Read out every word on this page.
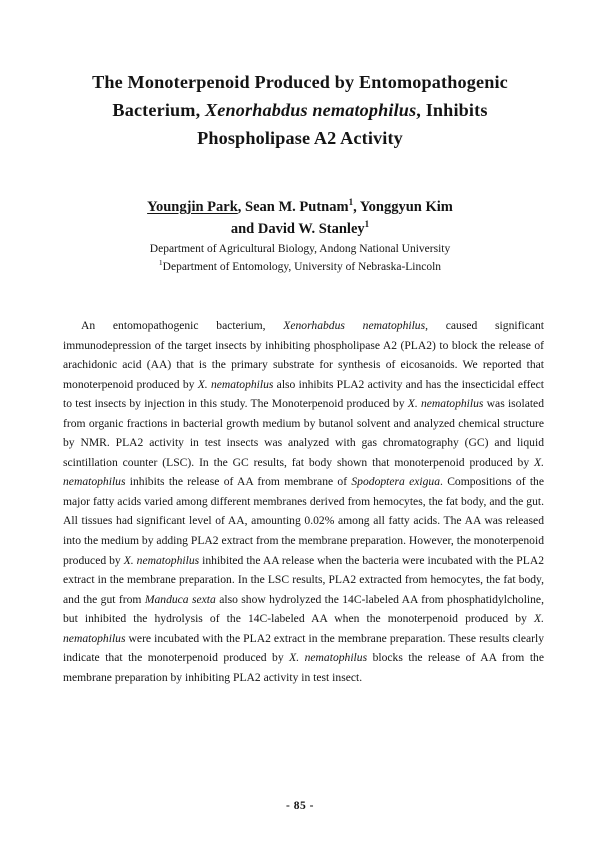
The Monoterpenoid Produced by Entomopathogenic Bacterium, Xenorhabdus nematophilus, Inhibits Phospholipase A2 Activity
Youngjin Park, Sean M. Putnam$^1$, Yonggyun Kim
and David W. Stanley$^1$
Department of Agricultural Biology, Andong National University
$^1$Department of Entomology, University of Nebraska-Lincoln

An entomopathogenic bacterium, Xenorhabdus nematophilus, caused significant immunodepression of the target insects by inhibiting phospholipase A2 (PLA2) to block the release of arachidonic acid (AA) that is the primary substrate for synthesis of eicosanoids. We reported that monoterpenoid produced by X. nematophilus also inhibits PLA2 activity and has the insecticidal effect to test insects by injection in this study. The Monoterpenoid produced by X. nematophilus was isolated from organic fractions in bacterial growth medium by butanol solvent and analyzed chemical structure by NMR. PLA2 activity in test insects was analyzed with gas chromatography (GC) and liquid scintillation counter (LSC). In the GC results, fat body shown that monoterpenoid produced by X. nematophilus inhibits the release of AA from membrane of Spodoptera exigua. Compositions of the major fatty acids varied among different membranes derived from hemocytes, the fat body, and the gut. All tissues had significant level of AA, amounting 0.02% among all fatty acids. The AA was released into the medium by adding PLA2 extract from the membrane preparation. However, the monoterpenoid produced by X. nematophilus inhibited the AA release when the bacteria were incubated with the PLA2 extract in the membrane preparation. In the LSC results, PLA2 extracted from hemocytes, the fat body, and the gut from Manduca sexta also show hydrolyzed the 14C-labeled AA from phosphatidylcholine, but inhibited the hydrolysis of the 14C-labeled AA when the monoterpenoid produced by X. nematophilus were incubated with the PLA2 extract in the membrane preparation. These results clearly indicate that the monoterpenoid produced by X. nematophilus blocks the release of AA from the membrane preparation by inhibiting PLA2 activity in test insect.

- 85 -
